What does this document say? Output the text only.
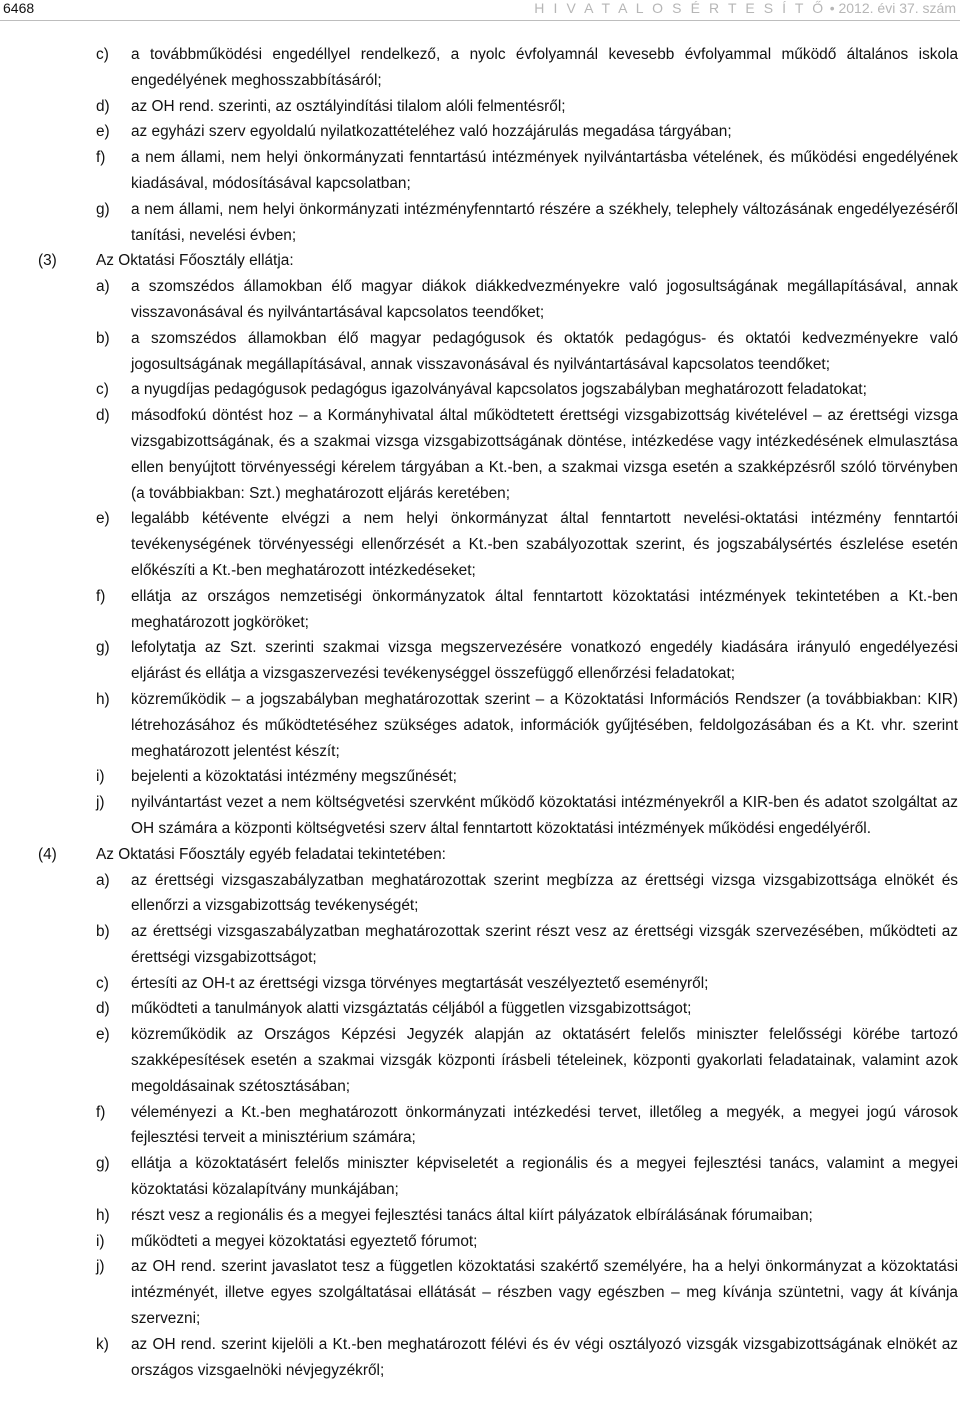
6468	H I V A T A L O S É R T E S Í T Ő • 2012. évi 37. szám
c) a továbbműködési engedéllyel rendelkező, a nyolc évfolyamnál kevesebb évfolyammal működő általános iskola engedélyének meghosszabbításáról;
d) az OH rend. szerinti, az osztályindítási tilalom alóli felmentésről;
e) az egyházi szerv egyoldalú nyilatkozattételéhez való hozzájárulás megadása tárgyában;
f) a nem állami, nem helyi önkormányzati fenntartású intézmények nyilvántartásba vételének, és működési engedélyének kiadásával, módosításával kapcsolatban;
g) a nem állami, nem helyi önkormányzati intézményfenntartó részére a székhely, telephely változásának engedélyezéséről tanítási, nevelési évben;
(3)	Az Oktatási Főosztály ellátja:
a) a szomszédos államokban élő magyar diákok diákkedvezményekre való jogosultságának megállapításával, annak visszavonásával és nyilvántartásával kapcsolatos teendőket;
b) a szomszédos államokban élő magyar pedagógusok és oktatók pedagógus- és oktatói kedvezményekre való jogosultságának megállapításával, annak visszavonásával és nyilvántartásával kapcsolatos teendőket;
c) a nyugdíjas pedagógusok pedagógus igazolványával kapcsolatos jogszabályban meghatározott feladatokat;
d) másodfokú döntést hoz – a Kormányhivatal által működtetett érettségi vizsgabizottság kivételével – az érettségi vizsga vizsgabizottságának, és a szakmai vizsga vizsgabizottságának döntése, intézkedése vagy intézkedésének elmulasztása ellen benyújtott törvényességi kérelem tárgyában a Kt.-ben, a szakmai vizsga esetén a szakképzésről szóló törvényben (a továbbiakban: Szt.) meghatározott eljárás keretében;
e) legalább kétévente elvégzi a nem helyi önkormányzat által fenntartott nevelési-oktatási intézmény fenntartói tevékenységének törvényességi ellenőrzését a Kt.-ben szabályozottak szerint, és jogszabálysértés észlelése esetén előkészíti a Kt.-ben meghatározott intézkedéseket;
f) ellátja az országos nemzetiségi önkormányzatok által fenntartott közoktatási intézmények tekintetében a Kt.-ben meghatározott jogköröket;
g) lefolytatja az Szt. szerinti szakmai vizsga megszervezésére vonatkozó engedély kiadására irányuló engedélyezési eljárást és ellátja a vizsgaszervezési tevékenységgel összefüggő ellenőrzési feladatokat;
h) közreműködik – a jogszabályban meghatározottak szerint – a Közoktatási Információs Rendszer (a továbbiakban: KIR) létrehozásához és működtetéséhez szükséges adatok, információk gyűjtésében, feldolgozásában és a Kt. vhr. szerint meghatározott jelentést készít;
i) bejelenti a közoktatási intézmény megszűnését;
j) nyilvántartást vezet a nem költségvetési szervként működő közoktatási intézményekről a KIR-ben és adatot szolgáltat az OH számára a központi költségvetési szerv által fenntartott közoktatási intézmények működési engedélyéről.
(4)	Az Oktatási Főosztály egyéb feladatai tekintetében:
a) az érettségi vizsgaszabályzatban meghatározottak szerint megbízza az érettségi vizsga vizsgabizottsága elnökét és ellenőrzi a vizsgabizottság tevékenységét;
b) az érettségi vizsgaszabályzatban meghatározottak szerint részt vesz az érettségi vizsgák szervezésében, működteti az érettségi vizsgabizottságot;
c) értesíti az OH-t az érettségi vizsga törvényes megtartását veszélyeztető eseményről;
d) működteti a tanulmányok alatti vizsgáztatás céljából a független vizsgabizottságot;
e) közreműködik az Országos Képzési Jegyzék alapján az oktatásért felelős miniszter felelősségi körébe tartozó szakképesítések esetén a szakmai vizsgák központi írásbeli tételeinek, központi gyakorlati feladatainak, valamint azok megoldásainak szétosztásában;
f) véleményezi a Kt.-ben meghatározott önkormányzati intézkedési tervet, illetőleg a megyék, a megyei jogú városok fejlesztési terveit a minisztérium számára;
g) ellátja a közoktatásért felelős miniszter képviseletét a regionális és a megyei fejlesztési tanács, valamint a megyei közoktatási közalapítvány munkájában;
h) részt vesz a regionális és a megyei fejlesztési tanács által kiírt pályázatok elbírálásának fórumaiban;
i) működteti a megyei közoktatási egyeztető fórumot;
j) az OH rend. szerint javaslatot tesz a független közoktatási szakértő személyére, ha a helyi önkormányzat a közoktatási intézményét, illetve egyes szolgáltatásai ellátását – részben vagy egészben – meg kívánja szüntetni, vagy át kívánja szervezni;
k) az OH rend. szerint kijelöli a Kt.-ben meghatározott félévi és év végi osztályozó vizsgák vizsgabizottságának elnökét az országos vizsgaelnöki névjegyzékről;
